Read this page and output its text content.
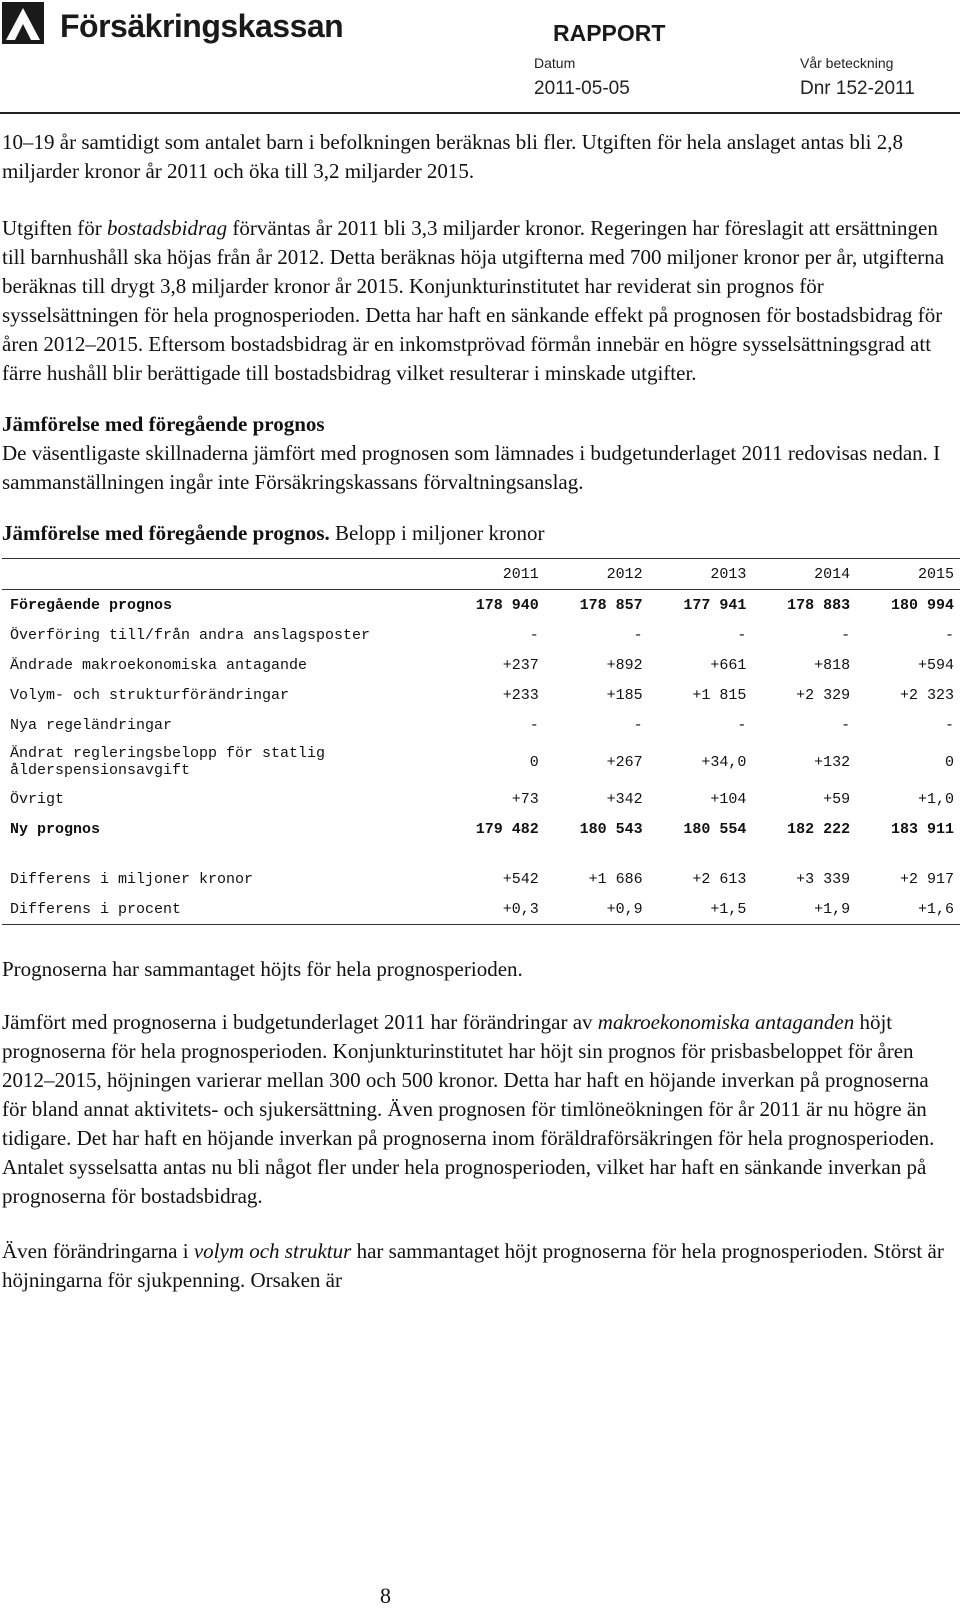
Försäkringskassan	RAPPORT
Datum
2011-05-05
Vår beteckning
Dnr 152-2011

10–19 år samtidigt som antalet barn i befolkningen beräknas bli fler. Utgiften för hela anslaget antas bli 2,8 miljarder kronor år 2011 och öka till 3,2 miljarder 2015.

Utgiften för bostadsbidrag förväntas år 2011 bli 3,3 miljarder kronor. Regeringen har föreslagit att ersättningen till barnhushåll ska höjas från år 2012. Detta beräknas höja utgifterna med 700 miljoner kronor per år, utgifterna beräknas till drygt 3,8 miljarder kronor år 2015. Konjunkturinstitutet har reviderat sin prognos för sysselsättningen för hela prognosperioden. Detta har haft en sänkande effekt på prognosen för bostadsbidrag för åren 2012–2015. Eftersom bostadsbidrag är en inkomstprövad förmån innebär en högre sysselsättningsgrad att färre hushåll blir berättigade till bostadsbidrag vilket resulterar i minskade utgifter.

Jämförelse med föregående prognos

De väsentligaste skillnaderna jämfört med prognosen som lämnades i budgetunderlaget 2011 redovisas nedan. I sammanställningen ingår inte Försäkringskassans förvaltningsanslag.

Jämförelse med föregående prognos. Belopp i miljoner kronor

	2011	2012	2013	2014	2015
Föregående prognos	178 940	178 857	177 941	178 883	180 994
Överföring till/från andra anslagsposter	-	-	-	-	-
Ändrade makroekonomiska antagande	+237	+892	+661	+818	+594
Volym- och strukturförändringar	+233	+185	+1 815	+2 329	+2 323
Nya regeländringar	-	-	-	-	-
Ändrat regleringsbelopp för statlig ålderspensionsavgift	0	+267	+34,0	+132	0
Övrigt	+73	+342	+104	+59	+1,0
Ny prognos	179 482	180 543	180 554	182 222	183 911

Differens i miljoner kronor	+542	+1 686	+2 613	+3 339	+2 917
Differens i procent	+0,3	+0,9	+1,5	+1,9	+1,6

Prognoserna har sammantaget höjts för hela prognosperioden.

Jämfört med prognoserna i budgetunderlaget 2011 har förändringar av makroekonomiska antaganden höjt prognoserna för hela prognosperioden. Konjunkturinstitutet har höjt sin prognos för prisbasbeloppet för åren 2012–2015, höjningen varierar mellan 300 och 500 kronor. Detta har haft en höjande inverkan på prognoserna för bland annat aktivitets- och sjukersättning. Även prognosen för timlöneökningen för år 2011 är nu högre än tidigare. Det har haft en höjande inverkan på prognoserna inom föräldraförsäkringen för hela prognosperioden. Antalet sysselsatta antas nu bli något fler under hela prognosperioden, vilket har haft en sänkande inverkan på prognoserna för bostadsbidrag.

Även förändringarna i volym och struktur har sammantaget höjt prognoserna för hela prognosperioden. Störst är höjningarna för sjukpenning. Orsaken är

8
